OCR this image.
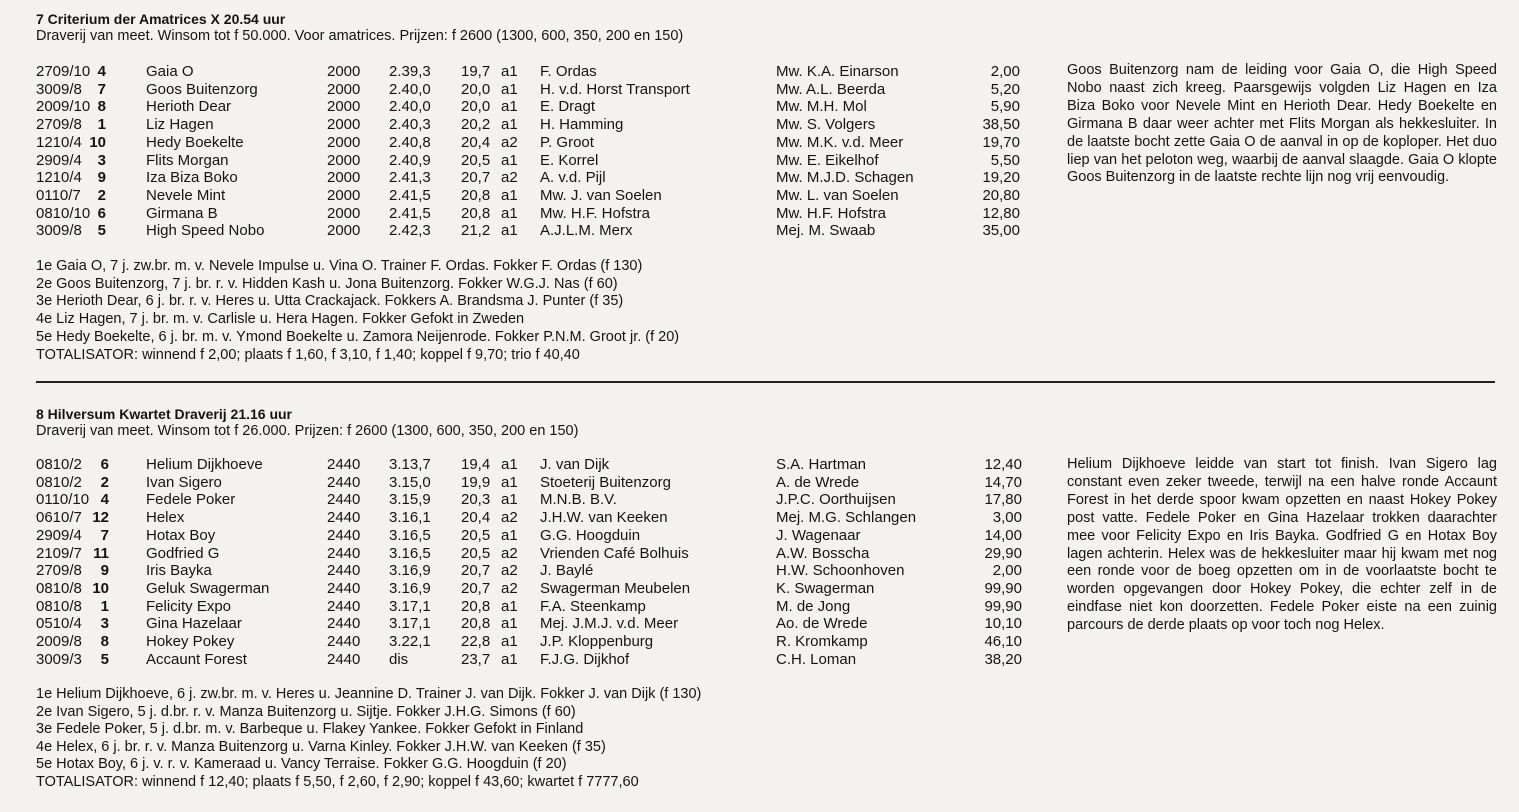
7 Criterium der Amatrices X 20.54 uur
Draverij van meet. Winsom tot f 50.000. Voor amatrices. Prijzen: f 2600 (1300, 600, 350, 200 en 150)
2709/10 4	Gaia O	2000 2.39,3 19,7 a1 F. Ordas	Mw. K.A. Einarson	2,00
3009/8	7	Goos Buitenzorg	2000 2.40,0 20,0 a1 H. v.d. Horst Transport	Mw. A.L. Beerda	5,20
2009/10 8	Herioth Dear	2000 2.40,0 20,0 a1 E. Dragt	Mw. M.H. Mol	5,90
2709/8	1	Liz Hagen	2000 2.40,3 20,2 a1 H. Hamming	Mw. S. Volgers	38,50
1210/4 10	Hedy Boekelte	2000 2.40,8 20,4 a2 P. Groot	Mw. M.K. v.d. Meer	19,70
2909/4	3	Flits Morgan	2000 2.40,9 20,5 a1 E. Korrel	Mw. E. Eikelhof	5,50
1210/4	9	Iza Biza Boko	2000 2.41,3 20,7 a2 A. v.d. Pijl	Mw. M.J.D. Schagen	19,20
0110/7	2	Nevele Mint	2000 2.41,5 20,8 a1 Mw. J. van Soelen	Mw. L. van Soelen	20,80
0810/10 6	Girmana B	2000 2.41,5 20,8 a1 Mw. H.F. Hofstra	Mw. H.F. Hofstra	12,80
3009/8	5	High Speed Nobo	2000 2.42,3 21,2 a1 A.J.L.M. Merx	Mej. M. Swaab	35,00

Goos Buitenzorg nam de leiding voor Gaia O, die High Speed Nobo naast zich kreeg. Paarsgewijs volgden Liz Hagen en Iza Biza Boko voor Nevele Mint en Herioth Dear. Hedy Boekelte en Girmana B daar weer achter met Flits Morgan als hekkesluiter. In de laatste bocht zette Gaia O de aanval in op de koploper. Het duo liep van het peloton weg, waarbij de aanval slaagde. Gaia O klopte Goos Buitenzorg in de laatste rechte lijn nog vrij eenvoudig.

1e Gaia O, 7 j. zw.br. m. v. Nevele Impulse u. Vina O. Trainer F. Ordas. Fokker F. Ordas (f 130)
2e Goos Buitenzorg, 7 j. br. r. v. Hidden Kash u. Jona Buitenzorg. Fokker W.G.J. Nas (f 60)
3e Herioth Dear, 6 j. br. r. v. Heres u. Utta Crackajack. Fokkers A. Brandsma J. Punter (f 35)
4e Liz Hagen, 7 j. br. m. v. Carlisle u. Hera Hagen. Fokker Gefokt in Zweden
5e Hedy Boekelte, 6 j. br. m. v. Ymond Boekelte u. Zamora Neijenrode. Fokker P.N.M. Groot jr. (f 20)
TOTALISATOR: winnend f 2,00; plaats f 1,60, f 3,10, f 1,40; koppel f 9,70; trio f 40,40
8 Hilversum Kwartet Draverij 21.16 uur
Draverij van meet. Winsom tot f 26.000. Prijzen: f 2600 (1300, 600, 350, 200 en 150)
0810/2	6 Helium Dijkhoeve	2440 3.13,7 19,4 a1 J. van Dijk	S.A. Hartman	12,40
0810/2	2 Ivan Sigero	2440 3.15,0 19,9 a1 Stoeterij Buitenzorg	A. de Wrede	14,70
0110/10 4 Fedele Poker	2440 3.15,9 20,3 a1 M.N.B. B.V.	J.P.C. Oorthuijsen	17,80
0610/7 12 Helex	2440 3.16,1 20,4 a2 J.H.W. van Keeken	Mej. M.G. Schlangen	3,00
2909/4	7 Hotax Boy	2440 3.16,5 20,5 a1 G.G. Hoogduin	J. Wagenaar	14,00
2109/7 11 Godfried G	2440 3.16,5 20,5 a2 Vrienden Café Bolhuis	A.W. Bosscha	29,90
2709/8	9 Iris Bayka	2440 3.16,9 20,7 a2 J. Baylé	H.W. Schoonhoven	2,00
0810/8 10 Geluk Swagerman	2440 3.16,9 20,7 a2 Swagerman Meubelen	K. Swagerman	99,90
0810/8	1 Felicity Expo	2440 3.17,1 20,8 a1 F.A. Steenkamp	M. de Jong	99,90
0510/4	3 Gina Hazelaar	2440 3.17,1 20,8 a1 Mej. J.M.J. v.d. Meer	Ao. de Wrede	10,10
2009/8	8 Hokey Pokey	2440 3.22,1 22,8 a1 J.P. Kloppenburg	R. Kromkamp	46,10
3009/3	5 Accaunt Forest	2440 dis	23,7 a1 F.J.G. Dijkhof	C.H. Loman	38,20

Helium Dijkhoeve leidde van start tot finish. Ivan Sigero lag constant even zeker tweede, terwijl na een halve ronde Accaunt Forest in het derde spoor kwam opzetten en naast Hokey Pokey post vatte. Fedele Poker en Gina Hazelaar trokken daarachter mee voor Felicity Expo en Iris Bayka. Godfried G en Hotax Boy lagen achterin. Helex was de hekkesluiter maar hij kwam met nog een ronde voor de boeg opzetten om in de voorlaatste bocht te worden opgevangen door Hokey Pokey, die echter zelf in de eindfase niet kon doorzetten. Fedele Poker eiste na een zuinig parcours de derde plaats op voor toch nog Helex.

1e Helium Dijkhoeve, 6 j. zw.br. m. v. Heres u. Jeannine D. Trainer J. van Dijk. Fokker J. van Dijk (f 130)
2e Ivan Sigero, 5 j. d.br. r. v. Manza Buitenzorg u. Sijtje. Fokker J.H.G. Simons (f 60)
3e Fedele Poker, 5 j. d.br. m. v. Barbeque u. Flakey Yankee. Fokker Gefokt in Finland
4e Helex, 6 j. br. r. v. Manza Buitenzorg u. Varna Kinley. Fokker J.H.W. van Keeken (f 35)
5e Hotax Boy, 6 j. v. r. v. Kameraad u. Vancy Terraise. Fokker G.G. Hoogduin (f 20)
TOTALISATOR: winnend f 12,40; plaats f 5,50, f 2,60, f 2,90; koppel f 43,60; kwartet f 7777,60
